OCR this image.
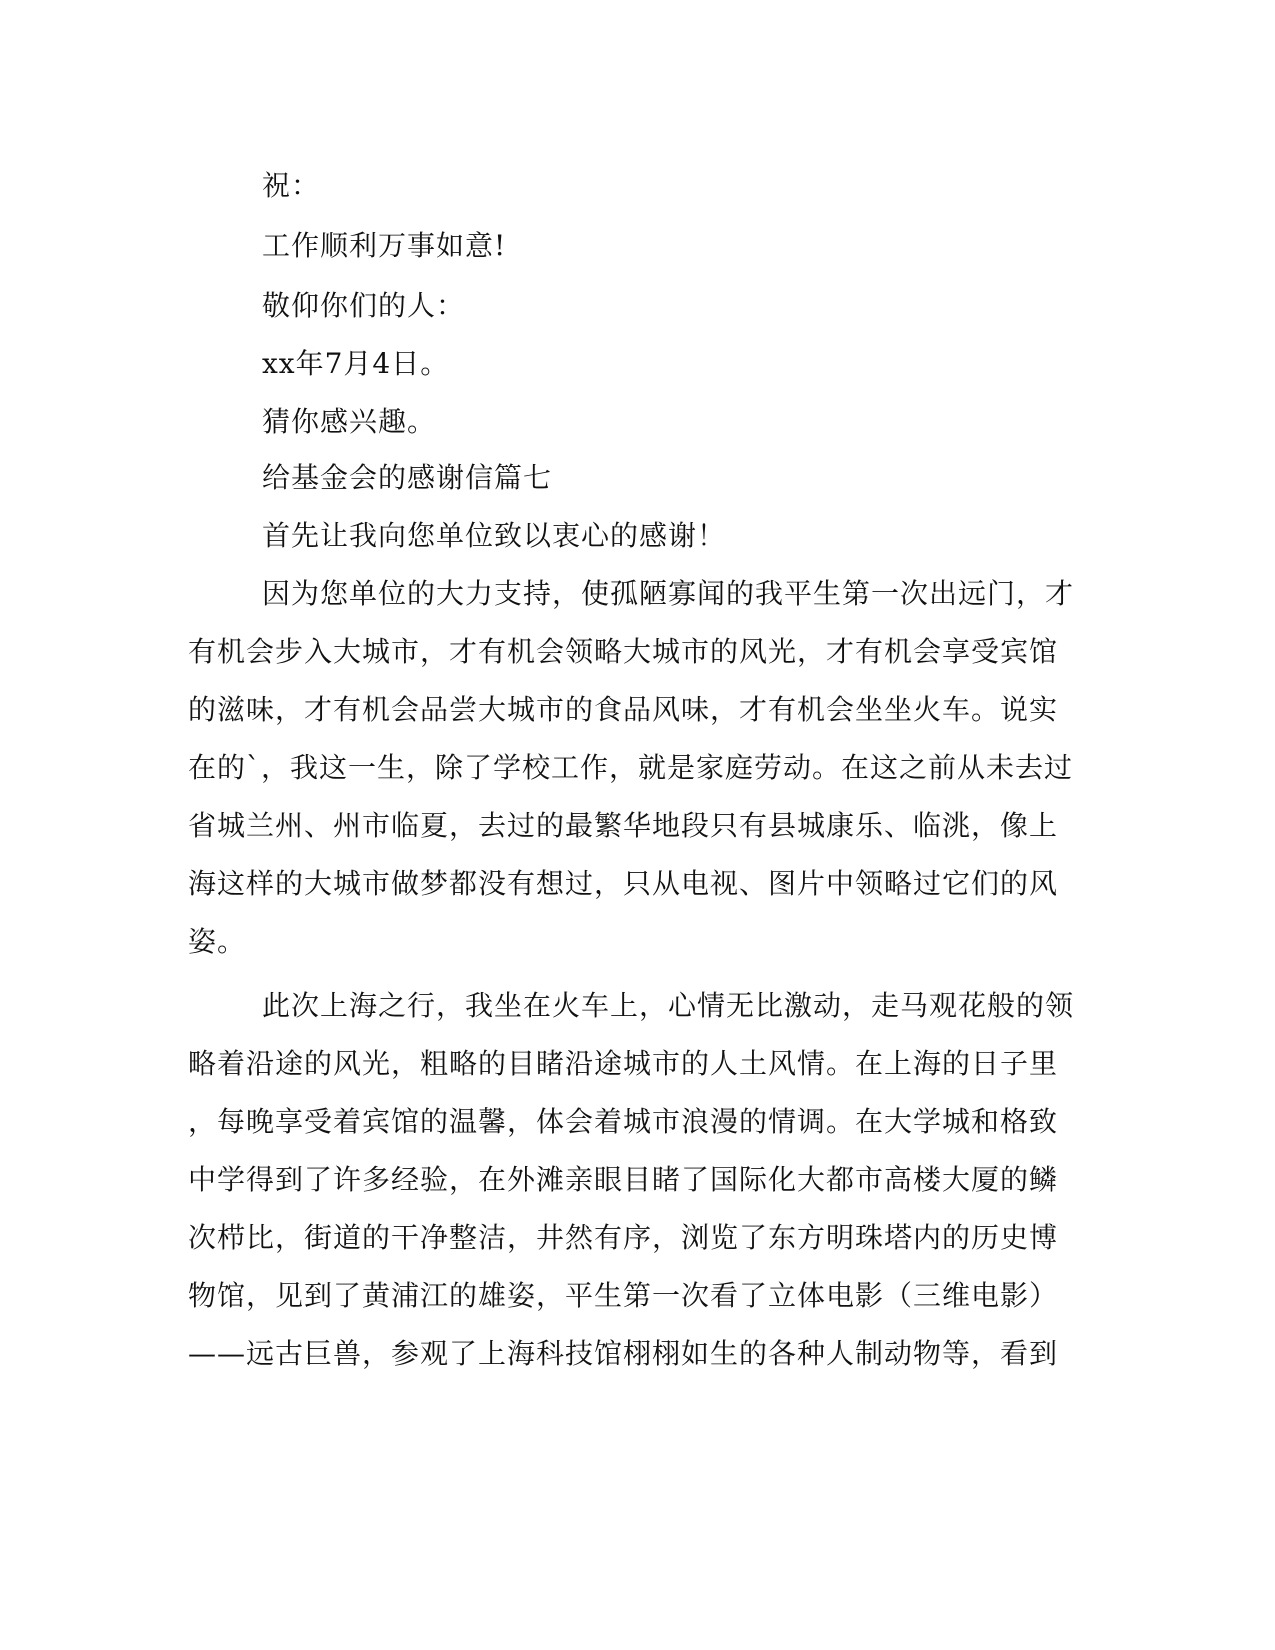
祝：
工作顺利万事如意!
敬仰你们的人：
xx年7月4日。
猜你感兴趣。
给基金会的感谢信篇七
首先让我向您单位致以衷心的感谢！
因为您单位的大力支持，使孤陋寡闻的我平生第一次出远门，才
有机会步入大城市，才有机会领略大城市的风光，才有机会享受宾馆
的滋味，才有机会品尝大城市的食品风味，才有机会坐坐火车。说实
在的`，我这一生，除了学校工作，就是家庭劳动。在这之前从未去过
省城兰州、州市临夏，去过的最繁华地段只有县城康乐、临洮，像上
海这样的大城市做梦都没有想过，只从电视、图片中领略过它们的风
姿。
此次上海之行，我坐在火车上，心情无比激动，走马观花般的领
略着沿途的风光，粗略的目睹沿途城市的人土风情。在上海的日子里
，每晚享受着宾馆的温馨，体会着城市浪漫的情调。在大学城和格致
中学得到了许多经验，在外滩亲眼目睹了国际化大都市高楼大厦的鳞
次栉比，街道的干净整洁，井然有序，浏览了东方明珠塔内的历史博
物馆，见到了黄浦江的雄姿，平生第一次看了立体电影（三维电影）
——远古巨兽，参观了上海科技馆栩栩如生的各种人制动物等，看到
